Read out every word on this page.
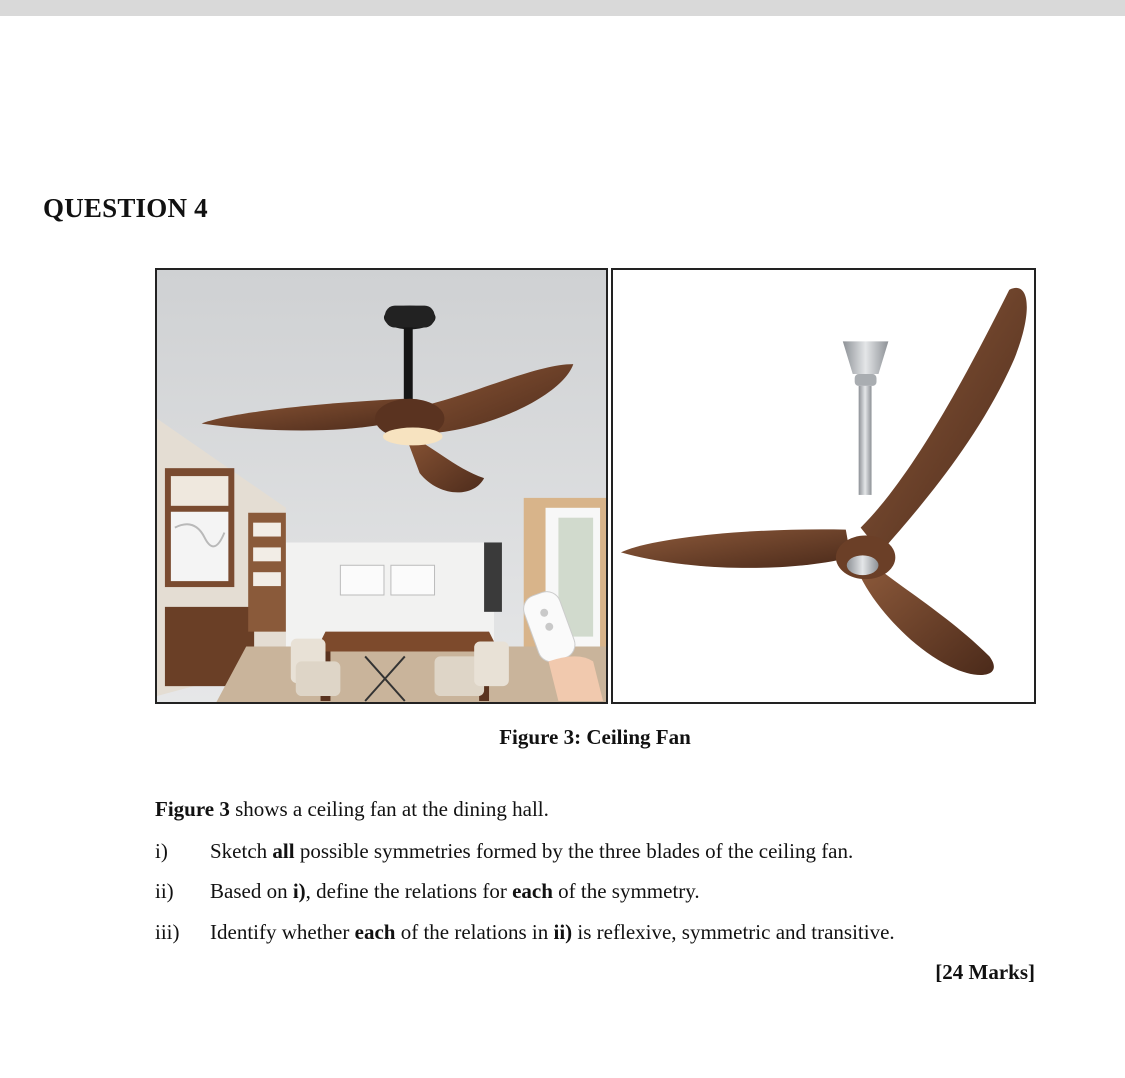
QUESTION 4
Figure 3: Ceiling Fan
Figure 3 shows a ceiling fan at the dining hall.
i) Sketch all possible symmetries formed by the three blades of the ceiling fan.
ii) Based on i), define the relations for each of the symmetry.
iii) Identify whether each of the relations in ii) is reflexive, symmetric and transitive.
[24 Marks]
